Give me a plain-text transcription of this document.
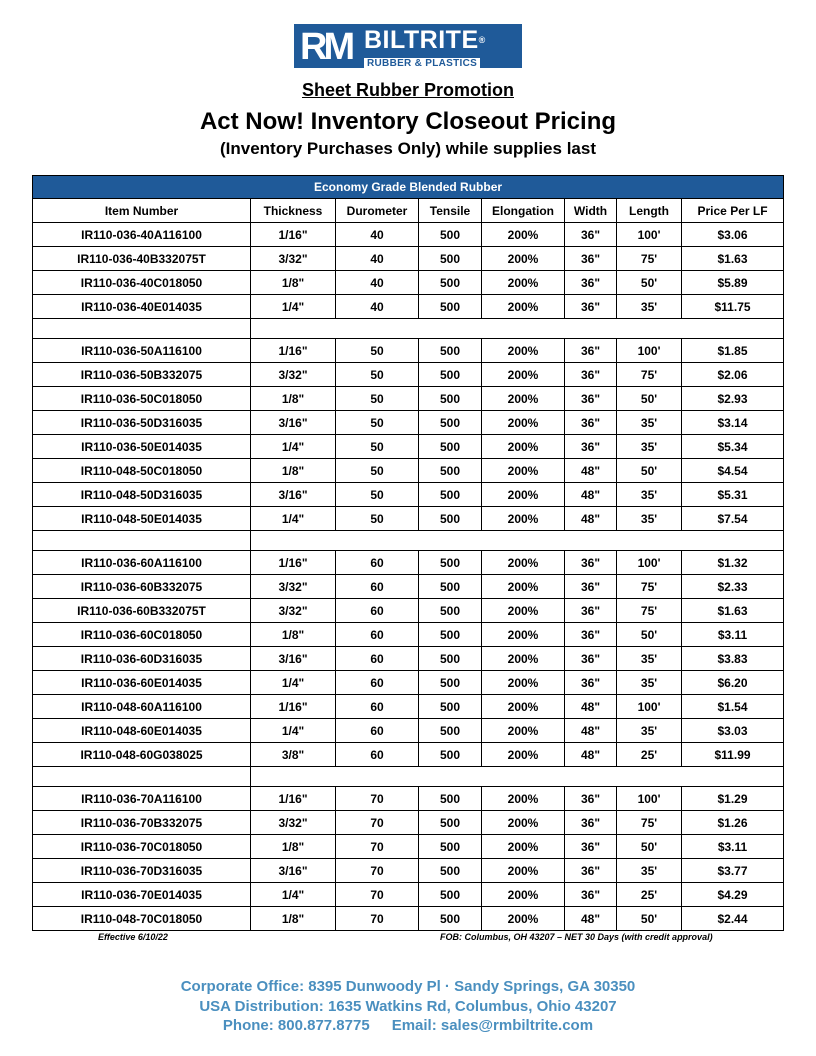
RM BILTRITE®
RUBBER & PLASTICS
Sheet Rubber Promotion
Act Now! Inventory Closeout Pricing
(Inventory Purchases Only) while supplies last
Economy Grade Blended Rubber							
Item Number	Thickness	Durometer	Tensile	Elongation	Width	Length	Price Per LF
IR110-036-40A116100	1/16"	40	500	200%	36"	100'	$3.06
IR110-036-40B332075T	3/32"	40	500	200%	36"	75'	$1.63
IR110-036-40C018050	1/8"	40	500	200%	36"	50'	$5.89
IR110-036-40E014035	1/4"	40	500	200%	36"	35'	$11.75

IR110-036-50A116100	1/16"	50	500	200%	36"	100'	$1.85
IR110-036-50B332075	3/32"	50	500	200%	36"	75'	$2.06
IR110-036-50C018050	1/8"	50	500	200%	36"	50'	$2.93
IR110-036-50D316035	3/16"	50	500	200%	36"	35'	$3.14
IR110-036-50E014035	1/4"	50	500	200%	36"	35'	$5.34
IR110-048-50C018050	1/8"	50	500	200%	48"	50'	$4.54
IR110-048-50D316035	3/16"	50	500	200%	48"	35'	$5.31
IR110-048-50E014035	1/4"	50	500	200%	48"	35'	$7.54

IR110-036-60A116100	1/16"	60	500	200%	36"	100'	$1.32
IR110-036-60B332075	3/32"	60	500	200%	36"	75'	$2.33
IR110-036-60B332075T	3/32"	60	500	200%	36"	75'	$1.63
IR110-036-60C018050	1/8"	60	500	200%	36"	50'	$3.11
IR110-036-60D316035	3/16"	60	500	200%	36"	35'	$3.83
IR110-036-60E014035	1/4"	60	500	200%	36"	35'	$6.20
IR110-048-60A116100	1/16"	60	500	200%	48"	100'	$1.54
IR110-048-60E014035	1/4"	60	500	200%	48"	35'	$3.03
IR110-048-60G038025	3/8"	60	500	200%	48"	25'	$11.99

IR110-036-70A116100	1/16"	70	500	200%	36"	100'	$1.29
IR110-036-70B332075	3/32"	70	500	200%	36"	75'	$1.26
IR110-036-70C018050	1/8"	70	500	200%	36"	50'	$3.11
IR110-036-70D316035	3/16"	70	500	200%	36"	35'	$3.77
IR110-036-70E014035	1/4"	70	500	200%	36"	25'	$4.29
IR110-048-70C018050	1/8"	70	500	200%	48"	50'	$2.44
Effective 6/10/22	FOB: Columbus, OH 43207 – NET 30 Days (with credit approval)
Corporate Office: 8395 Dunwoody Pl · Sandy Springs, GA 30350
USA Distribution: 1635 Watkins Rd, Columbus, Ohio 43207
Phone: 800.877.8775 Email: sales@rmbiltrite.com
